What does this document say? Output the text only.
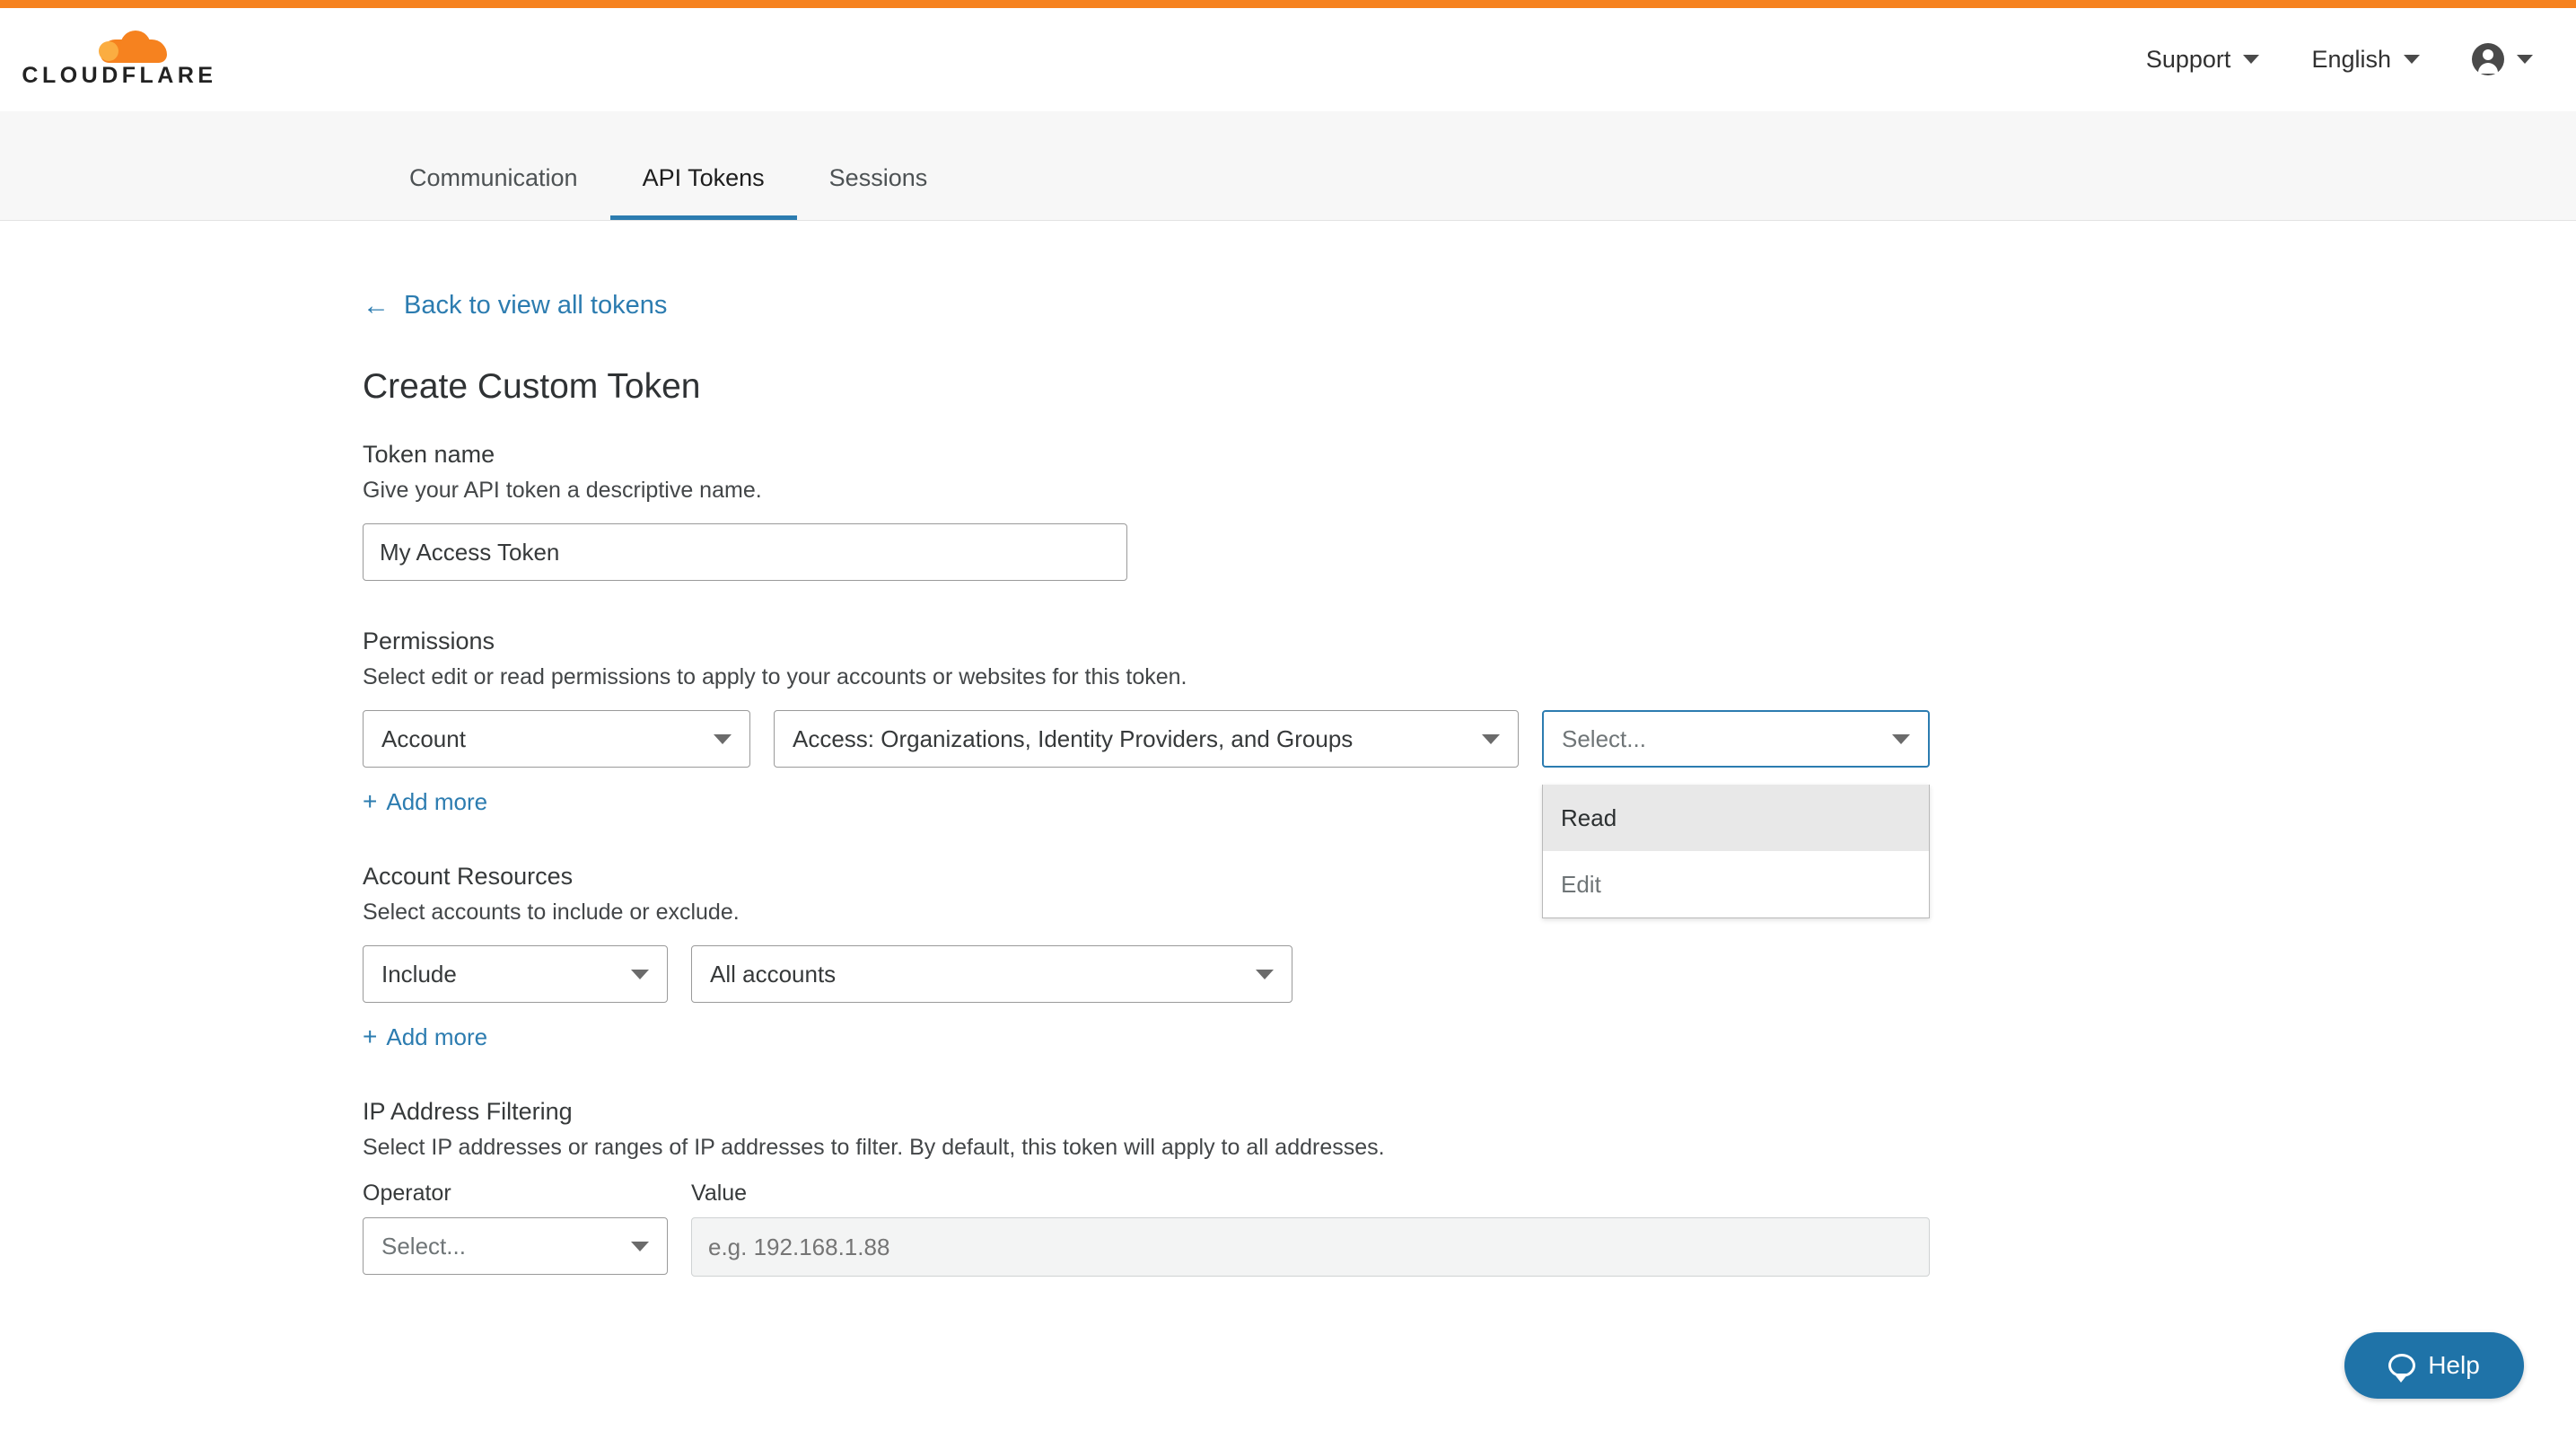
CLOUDFLARE
Support	English
Communication	API Tokens	Sessions
← Back to view all tokens
Create Custom Token
Token name
Give your API token a descriptive name.
My Access Token
Permissions
Select edit or read permissions to apply to your accounts or websites for this token.
Account	Access: Organizations, Identity Providers, and Groups	Select...
Read
Edit
+ Add more
Account Resources
Select accounts to include or exclude.
Include	All accounts
+ Add more
IP Address Filtering
Select IP addresses or ranges of IP addresses to filter. By default, this token will apply to all addresses.
Operator
Select...
Value
e.g. 192.168.1.88
Help
